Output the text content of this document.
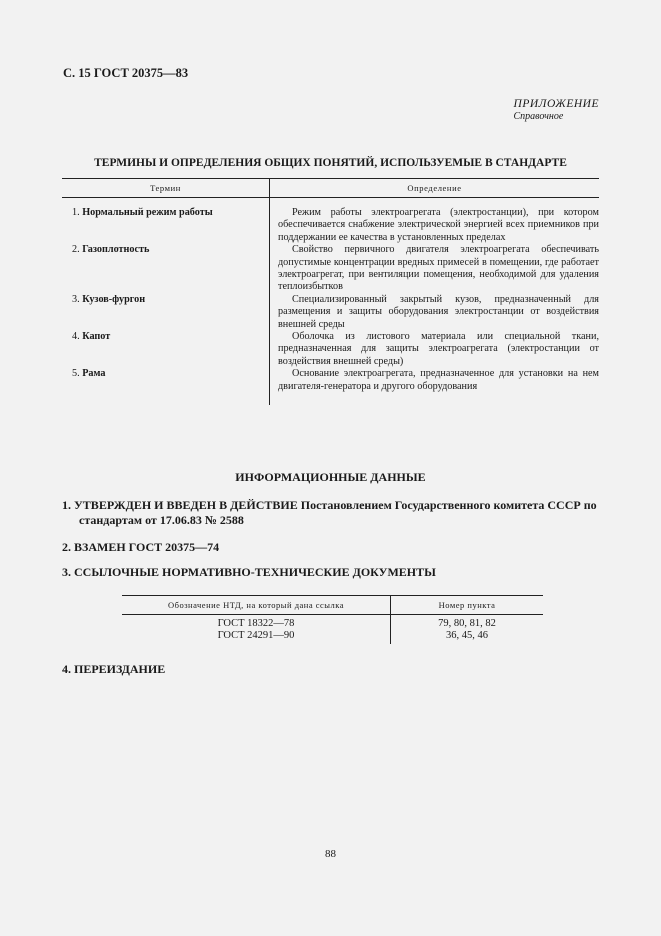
С. 15 ГОСТ 20375—83
ПРИЛОЖЕНИЕ
Справочное
ТЕРМИНЫ И ОПРЕДЕЛЕНИЯ ОБЩИХ ПОНЯТИЙ, ИСПОЛЬЗУЕМЫЕ В СТАНДАРТЕ
Термин	Определение
1. Нормальный режим работы	Режим работы электроагрегата (электростанции), при котором обеспечивается снабжение электрической энергией всех приемников при поддержании ее качества в установленных пределах
2. Газоплотность	Свойство первичного двигателя электроагрегата обеспечивать допустимые концентрации вредных примесей в помещении, где работает электроагрегат, при вентиляции помещения, необходимой для удаления теплоизбытков
3. Кузов-фургон	Специализированный закрытый кузов, предназначенный для размещения и защиты оборудования электростанции от воздействия внешней среды
4. Капот	Оболочка из листового материала или специальной ткани, предназначенная для защиты электроагрегата (электростанции от воздействия внешней среды)
5. Рама	Основание электроагрегата, предназначенное для установки на нем двигателя-генератора и другого оборудования
ИНФОРМАЦИОННЫЕ ДАННЫЕ
1. УТВЕРЖДЕН И ВВЕДЕН В ДЕЙСТВИЕ Постановлением Государственного комитета СССР по
стандартам от 17.06.83 № 2588
2. ВЗАМЕН ГОСТ 20375—74
3. ССЫЛОЧНЫЕ НОРМАТИВНО-ТЕХНИЧЕСКИЕ ДОКУМЕНТЫ
Обозначение НТД, на который дана ссылка	Номер пункта
ГОСТ 18322—78	79, 80, 81, 82
ГОСТ 24291—90	36, 45, 46
4. ПЕРЕИЗДАНИЕ
88
